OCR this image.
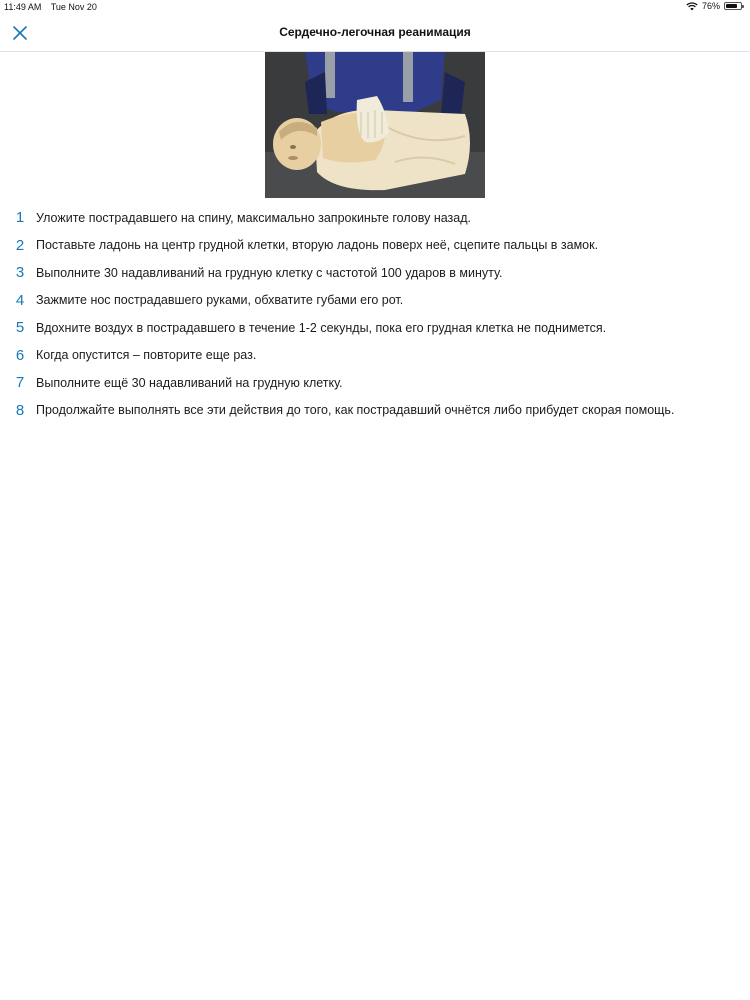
11:49 AM Tue Nov 20	76%
Сердечно-легочная реанимация
1 Уложите пострадавшего на спину, максимально запрокиньте голову назад.
2 Поставьте ладонь на центр грудной клетки, вторую ладонь поверх неё, сцепите пальцы в замок.
3 Выполните 30 надавливаний на грудную клетку с частотой 100 ударов в минуту.
4 Зажмите нос пострадавшего руками, обхватите губами его рот.
5 Вдохните воздух в пострадавшего в течение 1-2 секунды, пока его грудная клетка не поднимется.
6 Когда опустится – повторите еще раз.
7 Выполните ещё 30 надавливаний на грудную клетку.
8 Продолжайте выполнять все эти действия до того, как пострадавший очнётся либо прибудет скорая помощь.
